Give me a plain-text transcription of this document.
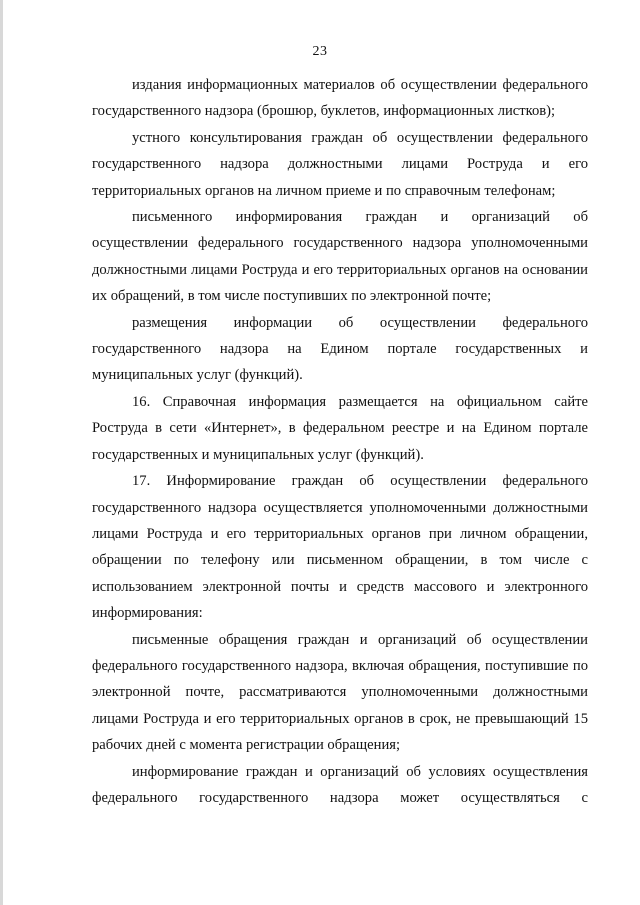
23

издания информационных материалов об осуществлении федерального государственного надзора (брошюр, буклетов, информационных листков);

устного консультирования граждан об осуществлении федерального государственного надзора должностными лицами Роструда и его территориальных органов на личном приеме и по справочным телефонам;

письменного информирования граждан и организаций об осуществлении федерального государственного надзора уполномоченными должностными лицами Роструда и его территориальных органов на основании их обращений, в том числе поступивших по электронной почте;

размещения информации об осуществлении федерального государственного надзора на Едином портале государственных и муниципальных услуг (функций).

16. Справочная информация размещается на официальном сайте Роструда в сети «Интернет», в федеральном реестре и на Едином портале государственных и муниципальных услуг (функций).

17. Информирование граждан об осуществлении федерального государственного надзора осуществляется уполномоченными должностными лицами Роструда и его территориальных органов при личном обращении, обращении по телефону или письменном обращении, в том числе с использованием электронной почты и средств массового и электронного информирования:

письменные обращения граждан и организаций об осуществлении федерального государственного надзора, включая обращения, поступившие по электронной почте, рассматриваются уполномоченными должностными лицами Роструда и его территориальных органов в срок, не превышающий 15 рабочих дней с момента регистрации обращения;

информирование граждан и организаций об условиях осуществления федерального государственного надзора может осуществляться с
